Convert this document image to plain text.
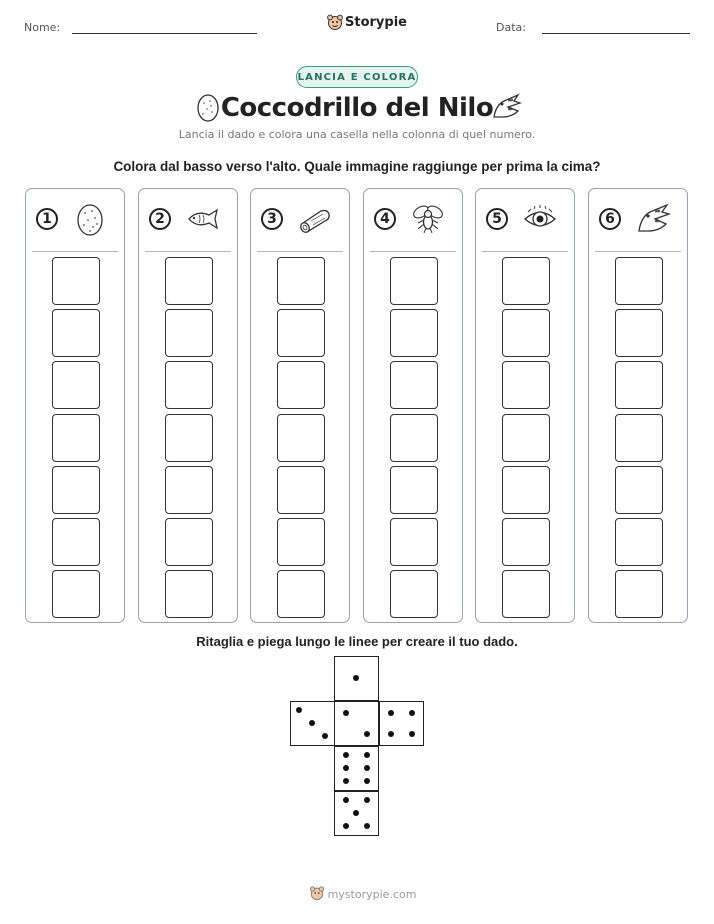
Nome:	Storypie	Data:
LANCIA E COLORA
Coccodrillo del Nilo
Lancia il dado e colora una casella nella colonna di quel numero.
Colora dal basso verso l'alto. Quale immagine raggiunge per prima la cima?
1	2	3	4	5	6
Ritaglia e piega lungo le linee per creare il tuo dado.
mystorypie.com
